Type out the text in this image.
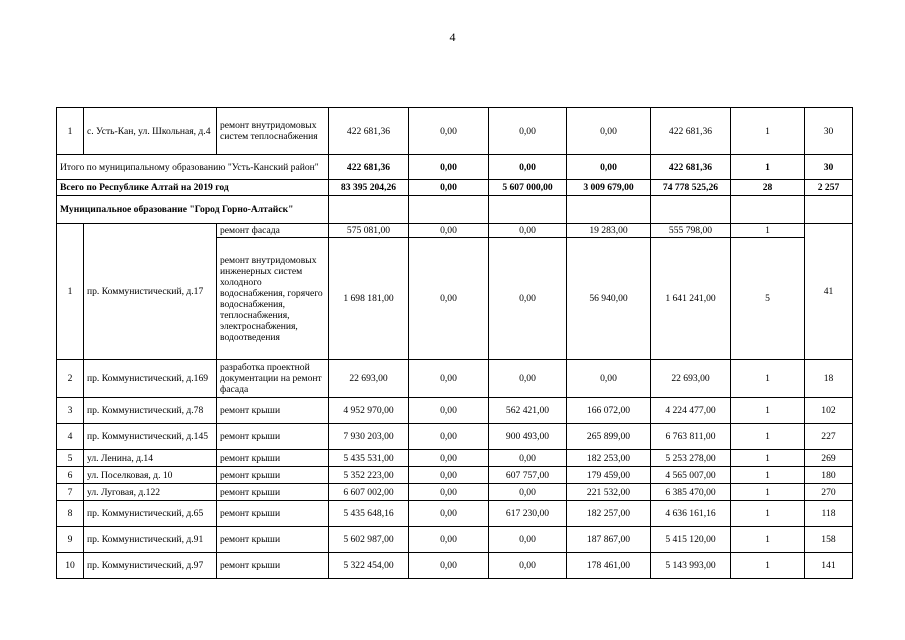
4
1	с. Усть-Кан, ул. Школьная, д.4	ремонт внутридомовых систем теплоснабжения	422 681,36	0,00	0,00	0,00	422 681,36	1	30
Итого по муниципальному образованию "Усть-Канский район"			422 681,36	0,00	0,00	0,00	422 681,36	1	30
Всего по Республике Алтай на 2019 год			83 395 204,26	0,00	5 607 000,00	3 009 679,00	74 778 525,26	28	2 257
Муниципальное образование "Город Горно-Алтайск"									
1	пр. Коммунистический, д.17	ремонт фасада	575 081,00	0,00	0,00	19 283,00	555 798,00	1	41
		ремонт внутридомовых инженерных систем холодного водоснабжения, горячего водоснабжения, теплоснабжения, электроснабжения, водоотведения	1 698 181,00	0,00	0,00	56 940,00	1 641 241,00	5	
2	пр. Коммунистический, д.169	разработка проектной документации на ремонт фасада	22 693,00	0,00	0,00	0,00	22 693,00	1	18
3	пр. Коммунистический, д.78	ремонт крыши	4 952 970,00	0,00	562 421,00	166 072,00	4 224 477,00	1	102
4	пр. Коммунистический, д.145	ремонт крыши	7 930 203,00	0,00	900 493,00	265 899,00	6 763 811,00	1	227
5	ул. Ленина, д.14	ремонт крыши	5 435 531,00	0,00	0,00	182 253,00	5 253 278,00	1	269
6	ул. Поселковая, д. 10	ремонт крыши	5 352 223,00	0,00	607 757,00	179 459,00	4 565 007,00	1	180
7	ул. Луговая, д.122	ремонт крыши	6 607 002,00	0,00	0,00	221 532,00	6 385 470,00	1	270
8	пр. Коммунистический, д.65	ремонт крыши	5 435 648,16	0,00	617 230,00	182 257,00	4 636 161,16	1	118
9	пр. Коммунистический, д.91	ремонт крыши	5 602 987,00	0,00	0,00	187 867,00	5 415 120,00	1	158
10	пр. Коммунистический, д.97	ремонт крыши	5 322 454,00	0,00	0,00	178 461,00	5 143 993,00	1	141
